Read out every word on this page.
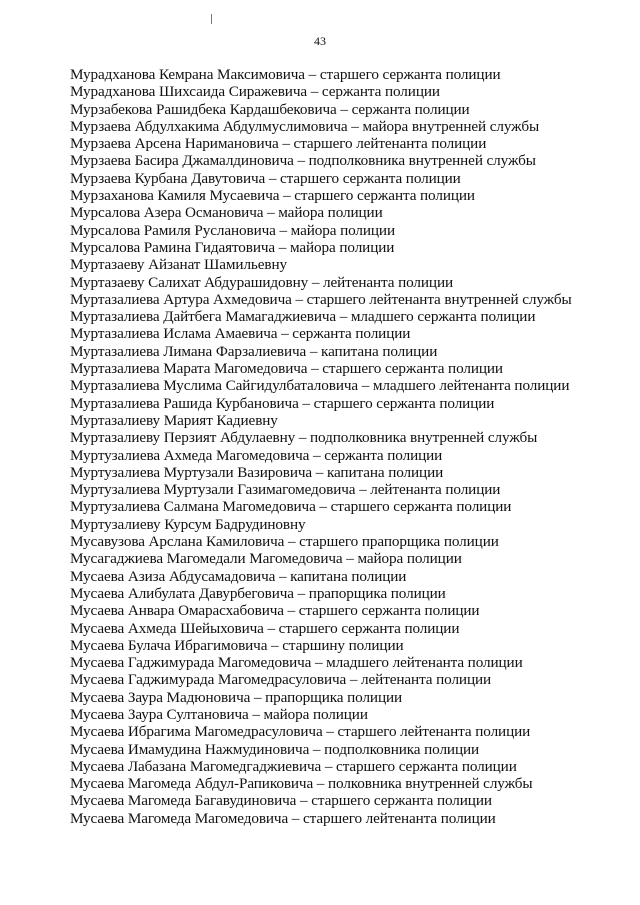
43
Мурадханова Кемрана Максимовича – старшего сержанта полиции
Мурадханова Шихсаида Сиражевича – сержанта полиции
Мурзабекова Рашидбека Кардашбековича – сержанта полиции
Мурзаева Абдулхакима Абдулмуслимовича – майора внутренней службы
Мурзаева Арсена Наримановича – старшего лейтенанта полиции
Мурзаева Басира Джамалдиновича – подполковника внутренней службы
Мурзаева Курбана Давутовича – старшего сержанта полиции
Мурзаханова Камиля Мусаевича – старшего сержанта полиции
Мурсалова Азера Османовича – майора полиции
Мурсалова Рамиля Руслановича – майора полиции
Мурсалова Рамина Гидаятовича – майора полиции
Муртазаеву Айзанат Шамильевну
Муртазаеву Салихат Абдурашидовну – лейтенанта полиции
Муртазалиева Артура Ахмедовича – старшего лейтенанта внутренней службы
Муртазалиева Дайтбега Мамагаджиевича – младшего сержанта полиции
Муртазалиева Ислама Амаевича – сержанта полиции
Муртазалиева Лимана Фарзалиевича – капитана полиции
Муртазалиева Марата Магомедовича – старшего сержанта полиции
Муртазалиева Муслима Сайгидулбаталовича – младшего лейтенанта полиции
Муртазалиева Рашида Курбановича – старшего сержанта полиции
Муртазалиеву Марият Кадиевну
Муртазалиеву Перзият Абдулаевну – подполковника внутренней службы
Муртузалиева Ахмеда Магомедовича – сержанта полиции
Муртузалиева Муртузали Вазировича – капитана полиции
Муртузалиева Муртузали Газимагомедовича – лейтенанта полиции
Муртузалиева Салмана Магомедовича – старшего сержанта полиции
Муртузалиеву Курсум Бадрудиновну
Мусавузова Арслана Камиловича – старшего прапорщика полиции
Мусагаджиева Магомедали Магомедовича – майора полиции
Мусаева Азиза Абдусамадовича – капитана полиции
Мусаева Алибулата Давурбеговича – прапорщика полиции
Мусаева Анвара Омарасхабовича – старшего сержанта полиции
Мусаева Ахмеда Шейыховича – старшего сержанта полиции
Мусаева Булача Ибрагимовича – старшину полиции
Мусаева Гаджимурада Магомедовича – младшего лейтенанта полиции
Мусаева Гаджимурада Магомедрасуловича – лейтенанта полиции
Мусаева Заура Мадюновича – прапорщика полиции
Мусаева Заура Султановича – майора полиции
Мусаева Ибрагима Магомедрасуловича – старшего лейтенанта полиции
Мусаева Имамудина Нажмудиновича – подполковника полиции
Мусаева Лабазана Магомедгаджиевича – старшего сержанта полиции
Мусаева Магомеда Абдул-Рапиковича – полковника внутренней службы
Мусаева Магомеда Багавудиновича – старшего сержанта полиции
Мусаева Магомеда Магомедовича – старшего лейтенанта полиции
